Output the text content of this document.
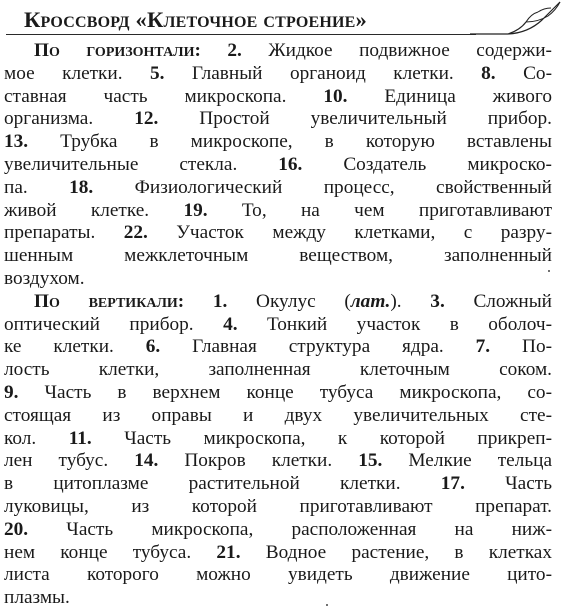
Кроссворд «Клеточное строение»
По горизонтали: 2. Жидкое подвижное содержи-
мое клетки. 5. Главный органоид клетки. 8. Со-
ставная часть микроскопа. 10. Единица живого
организма. 12. Простой увеличительный прибор.
13. Трубка в микроскопе, в которую вставлены
увеличительные стекла. 16. Создатель микроско-
па. 18. Физиологический процесс, свойственный
живой клетке. 19. То, на чем приготавливают
препараты. 22. Участок между клетками, с разру-
шенным межклеточным веществом, заполненный
воздухом.
По вертикали: 1. Окулус (лат.). 3. Сложный
оптический прибор. 4. Тонкий участок в оболоч-
ке клетки. 6. Главная структура ядра. 7. По-
лость клетки, заполненная клеточным соком.
9. Часть в верхнем конце тубуса микроскопа, со-
стоящая из оправы и двух увеличительных сте-
кол. 11. Часть микроскопа, к которой прикреп-
лен тубус. 14. Покров клетки. 15. Мелкие тельца
в цитоплазме растительной клетки. 17. Часть
луковицы, из которой приготавливают препарат.
20. Часть микроскопа, расположенная на ниж-
нем конце тубуса. 21. Водное растение, в клетках
листа которого можно увидеть движение цито-
плазмы.
